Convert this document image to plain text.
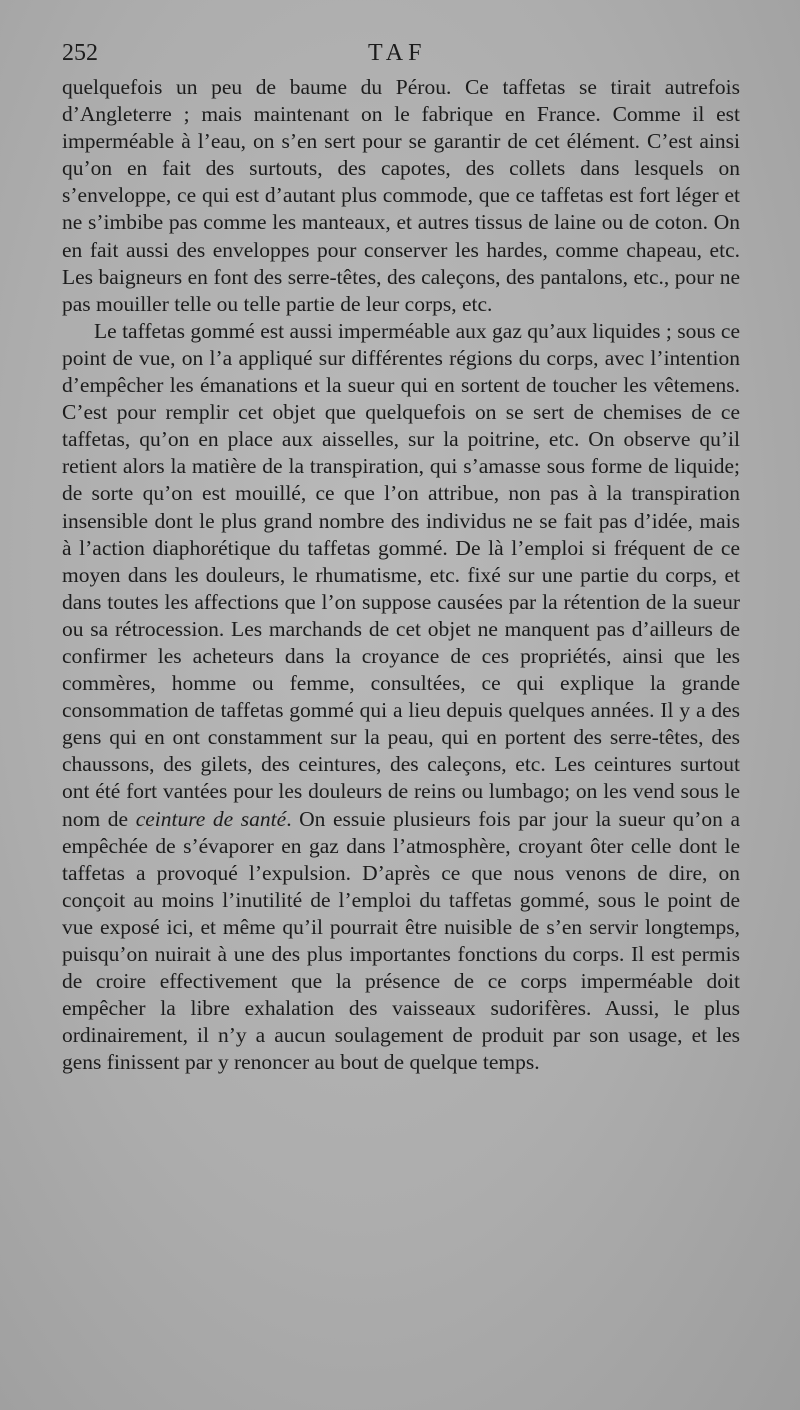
252	TAF

quelquefois un peu de baume du Pérou. Ce taffetas se tirait autrefois d’Angleterre ; mais maintenant on le fabrique en France. Comme il est imperméable à l’eau, on s’en sert pour se garantir de cet élément. C’est ainsi qu’on en fait des surtouts, des capotes, des collets dans lesquels on s’enveloppe, ce qui est d’autant plus commode, que ce taffetas est fort léger et ne s’imbibe pas comme les manteaux, et autres tissus de laine ou de coton. On en fait aussi des enveloppes pour conserver les hardes, comme chapeau, etc. Les baigneurs en font des serre-têtes, des caleçons, des pantalons, etc., pour ne pas mouiller telle ou telle partie de leur corps, etc.

Le taffetas gommé est aussi imperméable aux gaz qu’aux liquides ; sous ce point de vue, on l’a appliqué sur différentes régions du corps, avec l’intention d’empêcher les émanations et la sueur qui en sortent de toucher les vêtemens. C’est pour remplir cet objet que quelquefois on se sert de chemises de ce taffetas, qu’on en place aux aisselles, sur la poitrine, etc. On observe qu’il retient alors la matière de la transpiration, qui s’amasse sous forme de liquide; de sorte qu’on est mouillé, ce que l’on attribue, non pas à la transpiration insensible dont le plus grand nombre des individus ne se fait pas d’idée, mais à l’action diaphorétique du taffetas gommé. De là l’emploi si fréquent de ce moyen dans les douleurs, le rhumatisme, etc. fixé sur une partie du corps, et dans toutes les affections que l’on suppose causées par la rétention de la sueur ou sa rétrocession. Les marchands de cet objet ne manquent pas d’ailleurs de confirmer les acheteurs dans la croyance de ces propriétés, ainsi que les commères, homme ou femme, consultées, ce qui explique la grande consommation de taffetas gommé qui a lieu depuis quelques années. Il y a des gens qui en ont constamment sur la peau, qui en portent des serre-têtes, des chaussons, des gilets, des ceintures, des caleçons, etc. Les ceintures surtout ont été fort vantées pour les douleurs de reins ou lumbago; on les vend sous le nom de ceinture de santé. On essuie plusieurs fois par jour la sueur qu’on a empêchée de s’évaporer en gaz dans l’atmosphère, croyant ôter celle dont le taffetas a provoqué l’expulsion. D’après ce que nous venons de dire, on conçoit au moins l’inutilité de l’emploi du taffetas gommé, sous le point de vue exposé ici, et même qu’il pourrait être nuisible de s’en servir longtemps, puisqu’on nuirait à une des plus importantes fonctions du corps. Il est permis de croire effectivement que la présence de ce corps imperméable doit empêcher la libre exhalation des vaisseaux sudorifères. Aussi, le plus ordinairement, il n’y a aucun soulagement de produit par son usage, et les gens finissent par y renoncer au bout de quelque temps.
